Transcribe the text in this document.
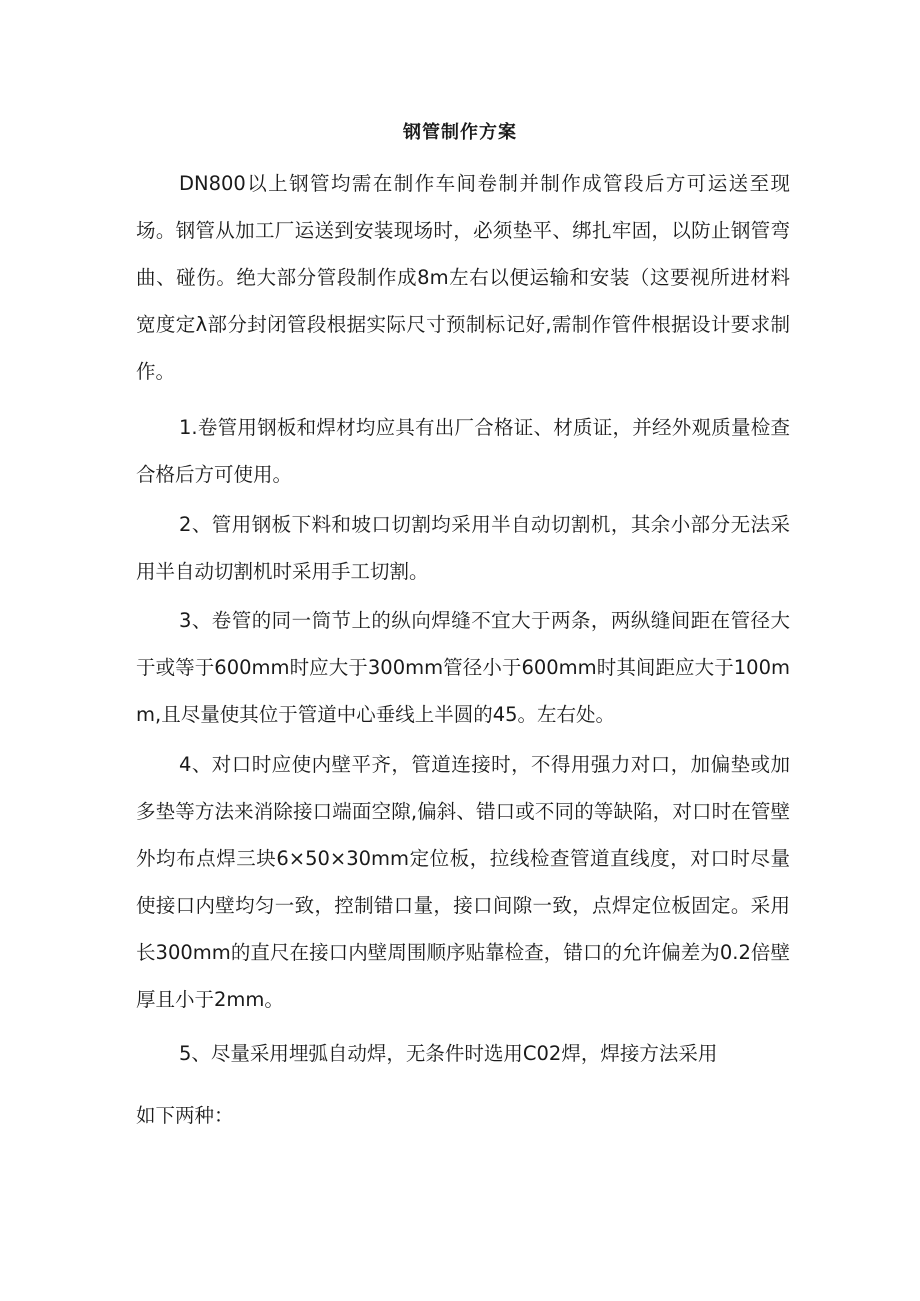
钢管制作方案

DN800以上钢管均需在制作车间卷制并制作成管段后方可运送至现场。钢管从加工厂运送到安装现场时，必须垫平、绑扎牢固，以防止钢管弯曲、碰伤。绝大部分管段制作成8m左右以便运输和安装（这要视所进材料宽度定λ部分封闭管段根据实际尺寸预制标记好,需制作管件根据设计要求制作。

1.卷管用钢板和焊材均应具有出厂合格证、材质证，并经外观质量检查合格后方可使用。

2、管用钢板下料和坡口切割均采用半自动切割机，其余小部分无法采用半自动切割机时采用手工切割。

3、卷管的同一筒节上的纵向焊缝不宜大于两条，两纵缝间距在管径大于或等于600mm时应大于300mm管径小于600mm时其间距应大于100mm,且尽量使其位于管道中心垂线上半圆的45。左右处。

4、对口时应使内壁平齐，管道连接时，不得用强力对口，加偏垫或加多垫等方法来消除接口端面空隙,偏斜、错口或不同的等缺陷，对口时在管壁外均布点焊三块6×50×30mm定位板，拉线检查管道直线度，对口时尽量使接口内壁均匀一致，控制错口量，接口间隙一致，点焊定位板固定。采用长300mm的直尺在接口内壁周围顺序贴靠检查，错口的允许偏差为0.2倍壁厚且小于2mm。

5、尽量采用埋弧自动焊，无条件时选用C02焊，焊接方法采用

如下两种：
